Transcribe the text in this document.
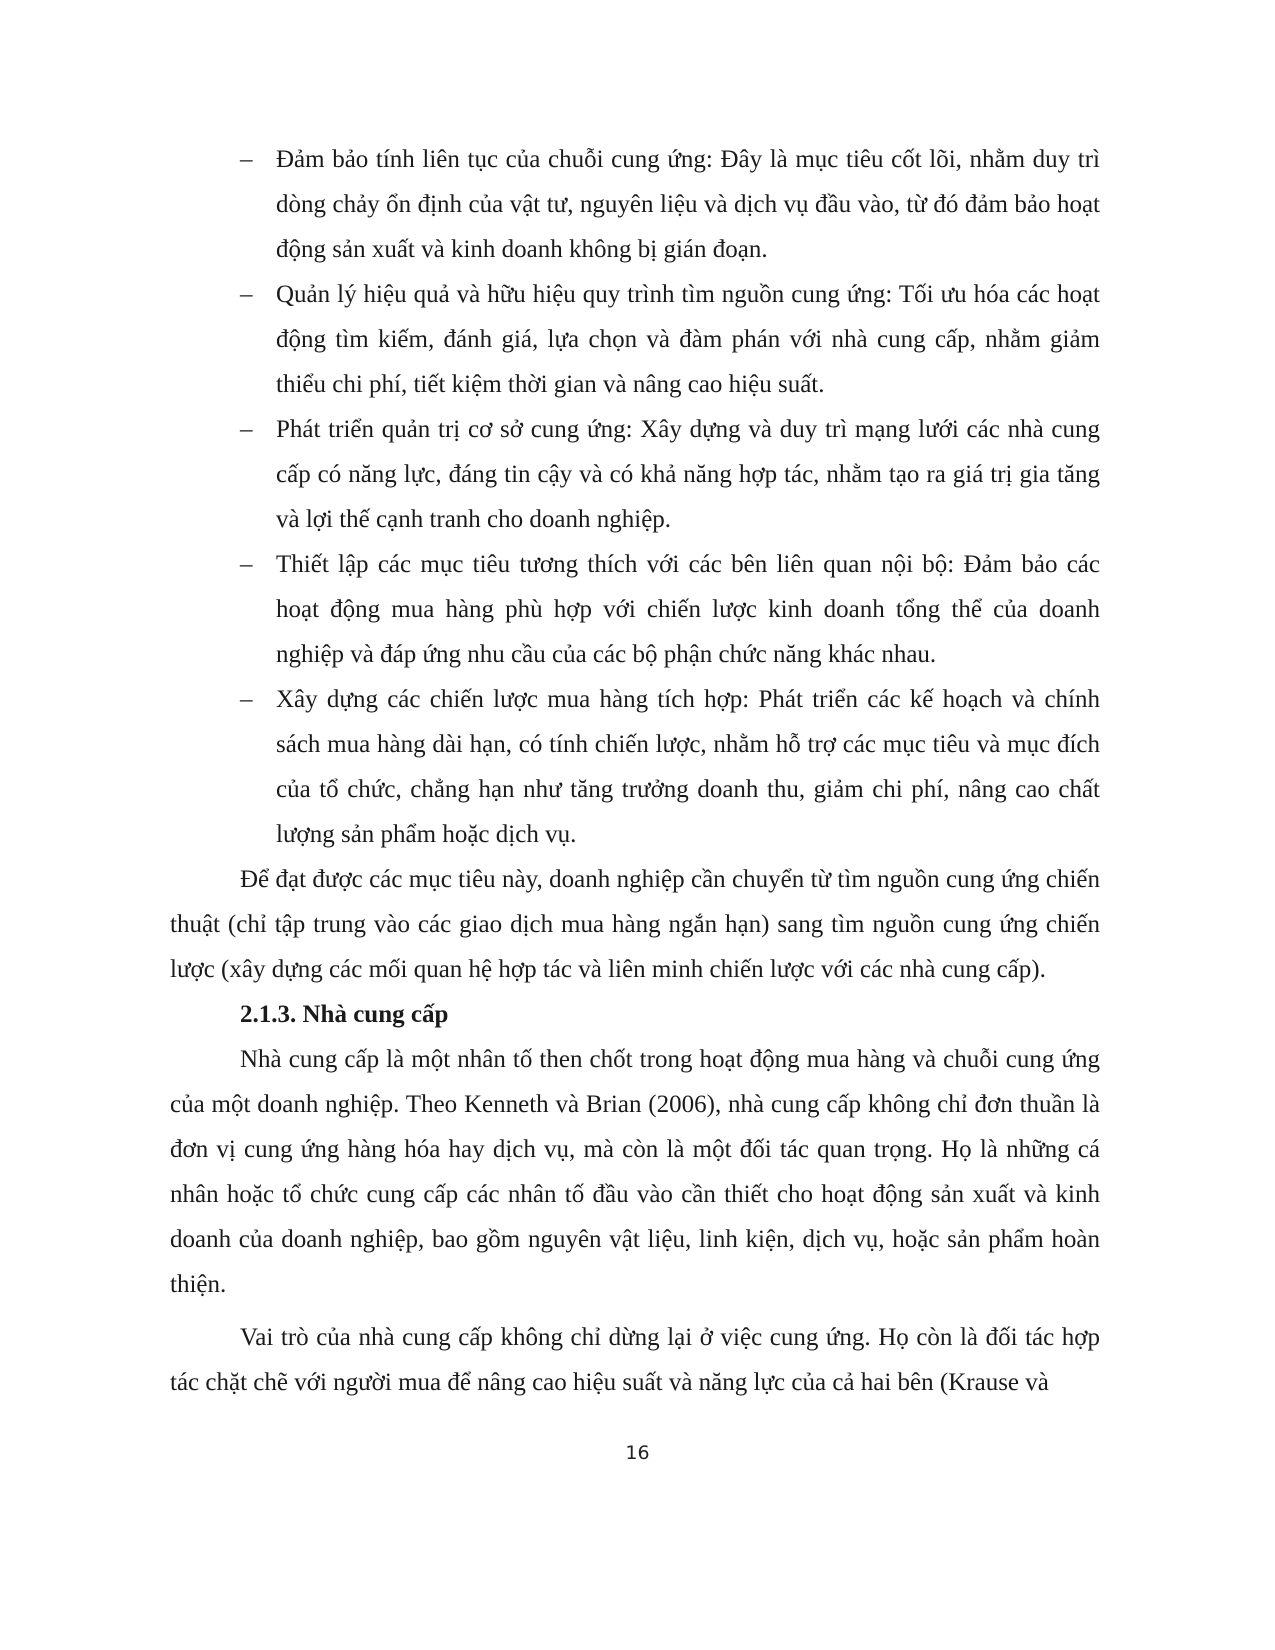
– Đảm bảo tính liên tục của chuỗi cung ứng: Đây là mục tiêu cốt lõi, nhằm duy trì dòng chảy ổn định của vật tư, nguyên liệu và dịch vụ đầu vào, từ đó đảm bảo hoạt động sản xuất và kinh doanh không bị gián đoạn.
– Quản lý hiệu quả và hữu hiệu quy trình tìm nguồn cung ứng: Tối ưu hóa các hoạt động tìm kiếm, đánh giá, lựa chọn và đàm phán với nhà cung cấp, nhằm giảm thiểu chi phí, tiết kiệm thời gian và nâng cao hiệu suất.
– Phát triển quản trị cơ sở cung ứng: Xây dựng và duy trì mạng lưới các nhà cung cấp có năng lực, đáng tin cậy và có khả năng hợp tác, nhằm tạo ra giá trị gia tăng và lợi thế cạnh tranh cho doanh nghiệp.
– Thiết lập các mục tiêu tương thích với các bên liên quan nội bộ: Đảm bảo các hoạt động mua hàng phù hợp với chiến lược kinh doanh tổng thể của doanh nghiệp và đáp ứng nhu cầu của các bộ phận chức năng khác nhau.
– Xây dựng các chiến lược mua hàng tích hợp: Phát triển các kế hoạch và chính sách mua hàng dài hạn, có tính chiến lược, nhằm hỗ trợ các mục tiêu và mục đích của tổ chức, chẳng hạn như tăng trưởng doanh thu, giảm chi phí, nâng cao chất lượng sản phẩm hoặc dịch vụ.

Để đạt được các mục tiêu này, doanh nghiệp cần chuyển từ tìm nguồn cung ứng chiến thuật (chỉ tập trung vào các giao dịch mua hàng ngắn hạn) sang tìm nguồn cung ứng chiến lược (xây dựng các mối quan hệ hợp tác và liên minh chiến lược với các nhà cung cấp).

2.1.3. Nhà cung cấp

Nhà cung cấp là một nhân tố then chốt trong hoạt động mua hàng và chuỗi cung ứng của một doanh nghiệp. Theo Kenneth và Brian (2006), nhà cung cấp không chỉ đơn thuần là đơn vị cung ứng hàng hóa hay dịch vụ, mà còn là một đối tác quan trọng. Họ là những cá nhân hoặc tổ chức cung cấp các nhân tố đầu vào cần thiết cho hoạt động sản xuất và kinh doanh của doanh nghiệp, bao gồm nguyên vật liệu, linh kiện, dịch vụ, hoặc sản phẩm hoàn thiện.

Vai trò của nhà cung cấp không chỉ dừng lại ở việc cung ứng. Họ còn là đối tác hợp tác chặt chẽ với người mua để nâng cao hiệu suất và năng lực của cả hai bên (Krause và

16
